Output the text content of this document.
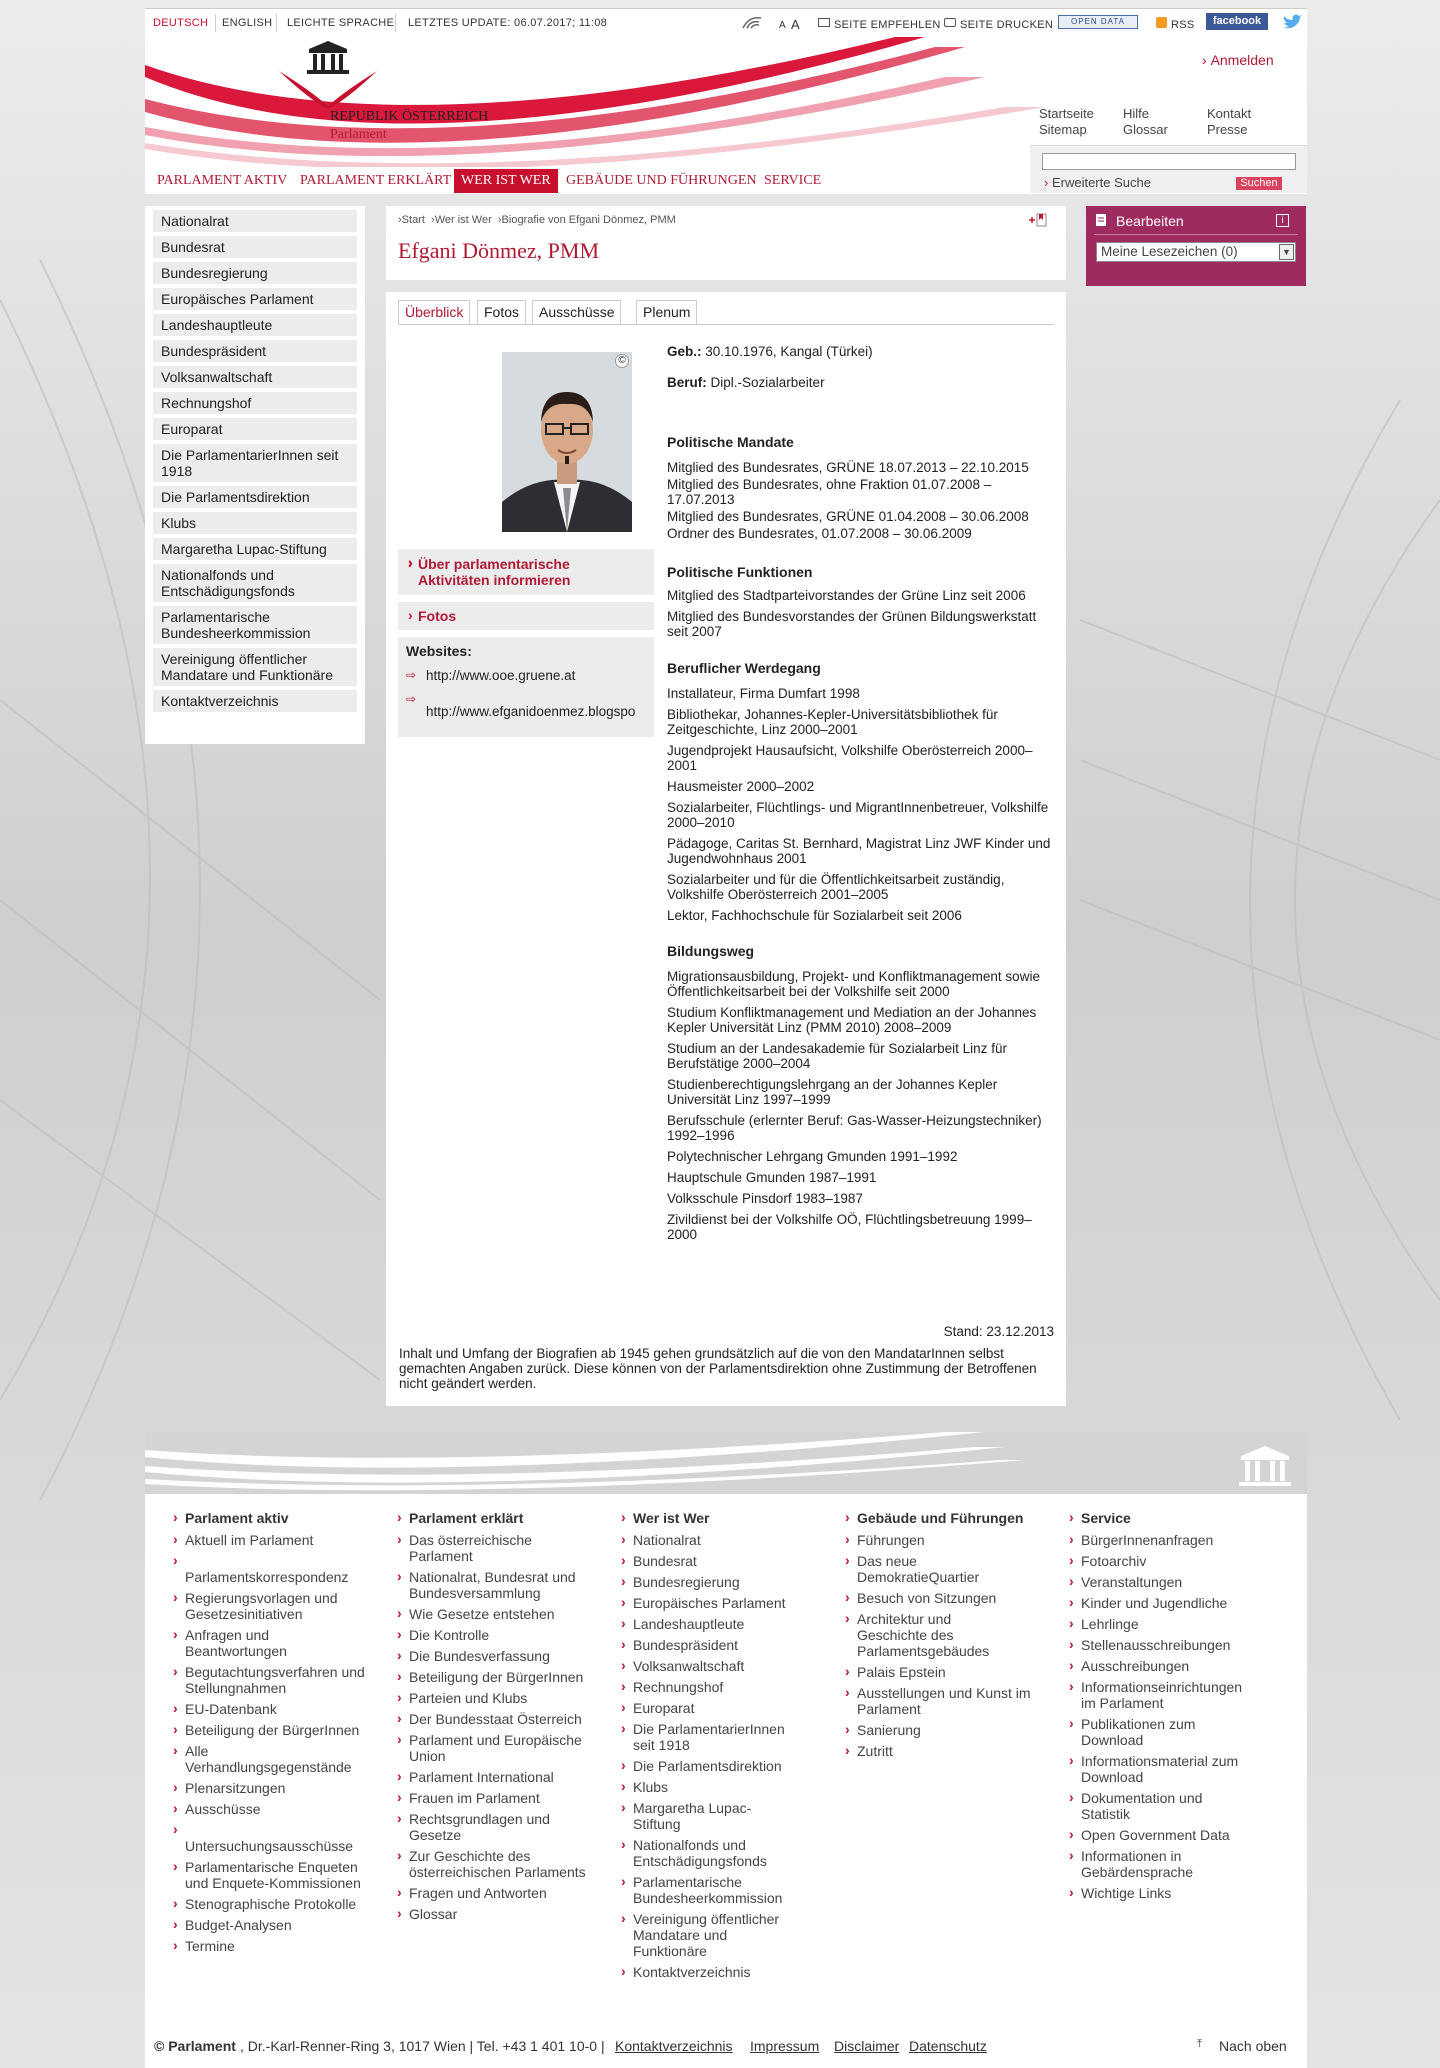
DEUTSCH ENGLISH LEICHTE SPRACHE LETZTES UPDATE: 06.07.2017; 11:08	A A	SEITE EMPFEHLEN SEITE DRUCKEN	OPEN DATA	RSS	facebook
REPUBLIK ÖSTERREICH
Parlament
› Anmelden
Startseite
Sitemap
Hilfe
Glossar
Kontakt
Presse
› Erweiterte Suche	Suchen
PARLAMENT AKTIV PARLAMENT ERKLÄRT WER IST WER	GEBÄUDE UND FÜHRUNGEN SERVICE
Nationalrat
Bundesrat
Bundesregierung
Europäisches Parlament
Landeshauptleute
Bundespräsident
Volksanwaltschaft
Rechnungshof
Europarat
Die ParlamentarierInnen seit 1918
Die Parlamentsdirektion
Klubs
Margaretha Lupac-Stiftung
Nationalfonds und Entschädigungsfonds
Parlamentarische Bundesheerkommission
Vereinigung öffentlicher Mandatare und Funktionäre
Kontaktverzeichnis
›Start ›Wer ist Wer ›Biografie von Efgani Dönmez, PMM
Efgani Dönmez, PMM
Überblick	Fotos	Ausschüsse	Plenum
©
› › Über parlamentarische Aktivitäten informieren
› Fotos
Websites:
⇨ http://www.ooe.gruene.at
⇨
http://www.efganidoenmez.blogspo
Geb.: 30.10.1976, Kangal (Türkei)
Beruf: Dipl.-Sozialarbeiter
Politische Mandate
Mitglied des Bundesrates, GRÜNE 18.07.2013 – 22.10.2015
Mitglied des Bundesrates, ohne Fraktion 01.07.2008 – 17.07.2013
Mitglied des Bundesrates, GRÜNE 01.04.2008 – 30.06.2008
Ordner des Bundesrates, 01.07.2008 – 30.06.2009
Politische Funktionen
Mitglied des Stadtparteivorstandes der Grüne Linz seit 2006
Mitglied des Bundesvorstandes der Grünen Bildungswerkstatt seit 2007
Beruflicher Werdegang
Installateur, Firma Dumfart 1998
Bibliothekar, Johannes-Kepler-Universitätsbibliothek für Zeitgeschichte, Linz 2000–2001
Jugendprojekt Hausaufsicht, Volkshilfe Oberösterreich 2000–2001
Hausmeister 2000–2002
Sozialarbeiter, Flüchtlings- und MigrantInnenbetreuer, Volkshilfe 2000–2010
Pädagoge, Caritas St. Bernhard, Magistrat Linz JWF Kinder und Jugendwohnhaus 2001
Sozialarbeiter und für die Öffentlichkeitsarbeit zuständig, Volkshilfe Oberösterreich 2001–2005
Lektor, Fachhochschule für Sozialarbeit seit 2006
Bildungsweg
Migrationsausbildung, Projekt- und Konfliktmanagement sowie Öffentlichkeitsarbeit bei der Volkshilfe seit 2000
Studium Konfliktmanagement und Mediation an der Johannes Kepler Universität Linz (PMM 2010) 2008–2009
Studium an der Landesakademie für Sozialarbeit Linz für Berufstätige 2000–2004
Studienberechtigungslehrgang an der Johannes Kepler Universität Linz 1997–1999
Berufsschule (erlernter Beruf: Gas-Wasser-Heizungstechniker) 1992–1996
Polytechnischer Lehrgang Gmunden 1991–1992
Hauptschule Gmunden 1987–1991
Volksschule Pinsdorf 1983–1987
Zivildienst bei der Volkshilfe OÖ, Flüchtlingsbetreuung 1999–2000
Stand: 23.12.2013
Inhalt und Umfang der Biografien ab 1945 gehen grundsätzlich auf die von den MandatarInnen selbst gemachten Angaben zurück. Diese können von der Parlamentsdirektion ohne Zustimmung der Betroffenen nicht geändert werden.
Bearbeiten	i
Meine Lesezeichen (0)	▼
› Parlament aktiv
› Aktuell im Parlament
› Parlamentskorrespondenz
› Regierungsvorlagen und Gesetzesinitiativen
› Anfragen und Beantwortungen
› Begutachtungsverfahren und Stellungnahmen
› EU-Datenbank
› Beteiligung der BürgerInnen
› Alle Verhandlungsgegenstände
› Plenarsitzungen
› Ausschüsse
› Untersuchungsausschüsse
› Parlamentarische Enqueten und Enquete-Kommissionen
› Stenographische Protokolle
› Budget-Analysen
› Termine
› Parlament erklärt
› Das österreichische Parlament
› Nationalrat, Bundesrat und Bundesversammlung
› Wie Gesetze entstehen
› Die Kontrolle
› Die Bundesverfassung
› Beteiligung der BürgerInnen
› Parteien und Klubs
› Der Bundesstaat Österreich
› Parlament und Europäische Union
› Parlament International
› Frauen im Parlament
› Rechtsgrundlagen und Gesetze
› Zur Geschichte des österreichischen Parlaments
› Fragen und Antworten
› Glossar
› Wer ist Wer
› Nationalrat
› Bundesrat
› Bundesregierung
› Europäisches Parlament
› Landeshauptleute
› Bundespräsident
› Volksanwaltschaft
› Rechnungshof
› Europarat
› Die ParlamentarierInnen seit 1918
› Die Parlamentsdirektion
› Klubs
› Margaretha Lupac-Stiftung
› Nationalfonds und Entschädigungsfonds
› Parlamentarische Bundesheerkommission
› Vereinigung öffentlicher Mandatare und Funktionäre
› Kontaktverzeichnis
› Gebäude und Führungen
› Führungen
› Das neue DemokratieQuartier
› Besuch von Sitzungen
› Architektur und Geschichte des Parlamentsgebäudes
› Palais Epstein
› Ausstellungen und Kunst im Parlament
› Sanierung
› Zutritt
› Service
› BürgerInnenanfragen
› Fotoarchiv
› Veranstaltungen
› Kinder und Jugendliche
› Lehrlinge
› Stellenausschreibungen
› Ausschreibungen
› Informationseinrichtungen im Parlament
› Publikationen zum Download
› Informationsmaterial zum Download
› Dokumentation und Statistik
› Open Government Data
› Informationen in Gebärdensprache
› Wichtige Links
© Parlament , Dr.-Karl-Renner-Ring 3, 1017 Wien | Tel. +43 1 401 10-0 | Kontaktverzeichnis Impressum Disclaimer Datenschutz	⤒ Nach oben
